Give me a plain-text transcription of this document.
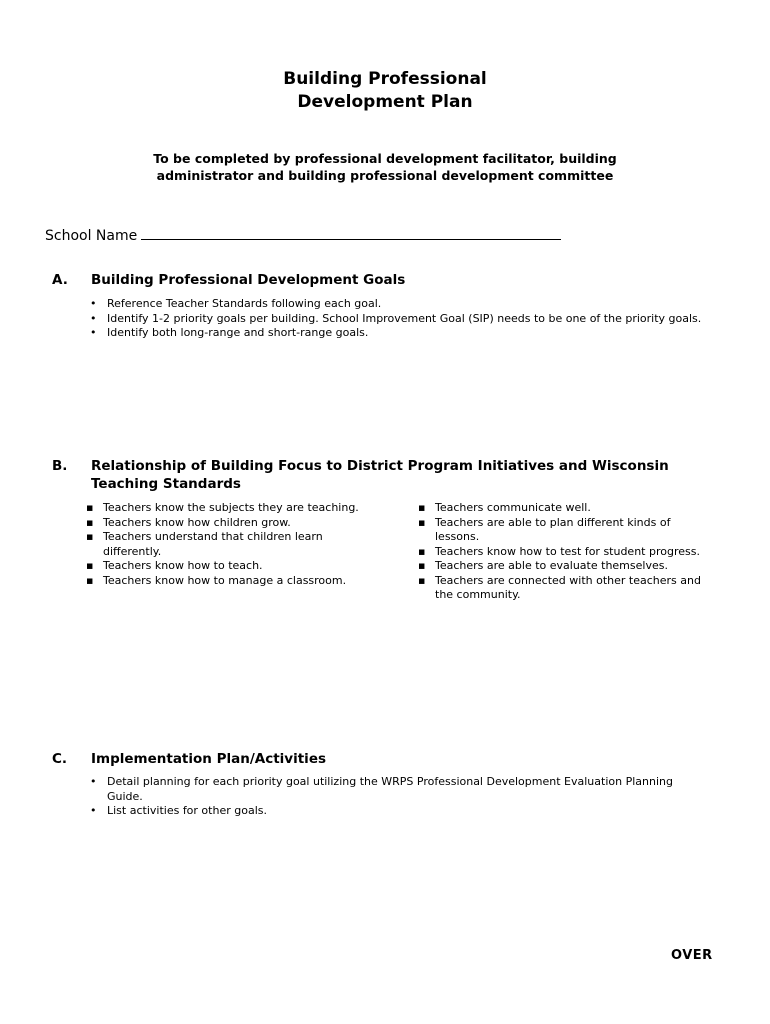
Building Professional
Development Plan
To be completed by professional development facilitator, building
administrator and building professional development committee
School Name
A. Building Professional Development Goals
• Reference Teacher Standards following each goal.
• Identify 1-2 priority goals per building. School Improvement Goal (SIP) needs to be one of the priority goals.
• Identify both long-range and short-range goals.
B. Relationship of Building Focus to District Program Initiatives and Wisconsin Teaching Standards
▪ Teachers know the subjects they are teaching.
▪ Teachers know how children grow.
▪ Teachers understand that children learn differently.
▪ Teachers know how to teach.
▪ Teachers know how to manage a classroom.
▪ Teachers communicate well.
▪ Teachers are able to plan different kinds of lessons.
▪ Teachers know how to test for student progress.
▪ Teachers are able to evaluate themselves.
▪ Teachers are connected with other teachers and the community.
C. Implementation Plan/Activities
• Detail planning for each priority goal utilizing the WRPS Professional Development Evaluation Planning Guide.
• List activities for other goals.
OVER
